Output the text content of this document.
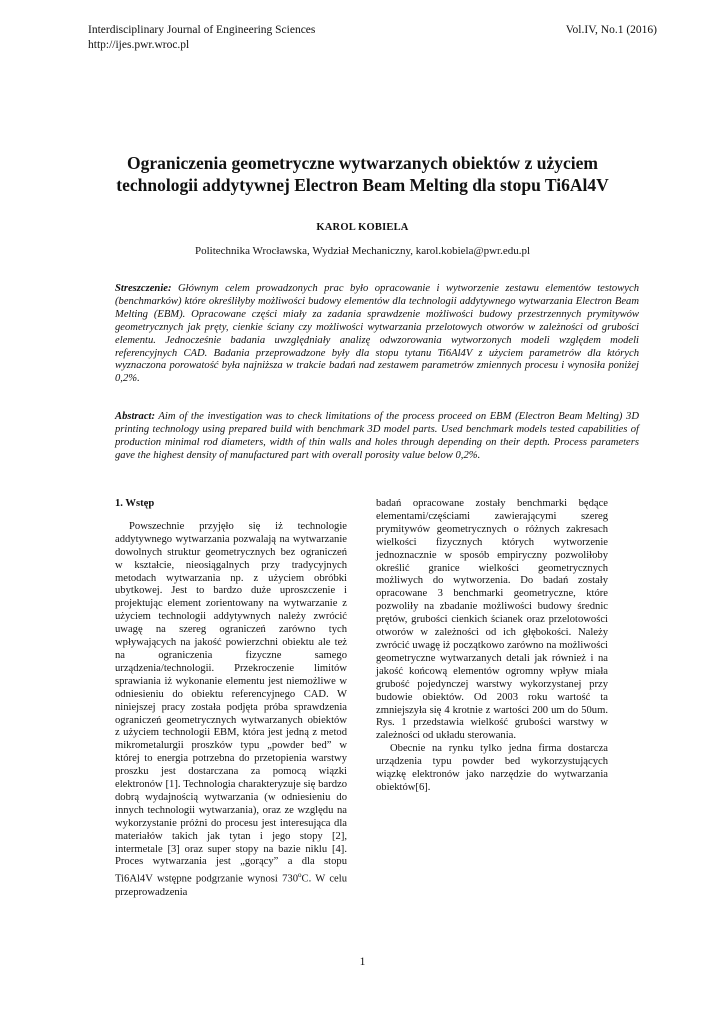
Interdisciplinary Journal of Engineering Sciences
http://ijes.pwr.wroc.pl
Vol.IV, No.1 (2016)
Ograniczenia geometryczne wytwarzanych obiektów z użyciem
technologii addytywnej Electron Beam Melting dla stopu Ti6Al4V
KAROL KOBIELA
Politechnika Wrocławska, Wydział Mechaniczny, karol.kobiela@pwr.edu.pl
Streszczenie: Głównym celem prowadzonych prac było opracowanie i wytworzenie zestawu elementów testowych (benchmarków) które określiłyby możliwości budowy elementów dla technologii addytywnego wytwarzania Electron Beam Melting (EBM). Opracowane części miały za zadania sprawdzenie możliwości budowy przestrzennych prymitywów geometrycznych jak pręty, cienkie ściany czy możliwości wytwarzania przelotowych otworów w zależności od grubości elementu. Jednocześnie badania uwzględniały analizę odwzorowania wytworzonych modeli względem modeli referencyjnych CAD. Badania przeprowadzone były dla stopu tytanu Ti6Al4V z użyciem parametrów dla których wyznaczona porowatość była najniższa w trakcie badań nad zestawem parametrów zmiennych procesu i wynosiła poniżej 0,2%.
Abstract: Aim of the investigation was to check limitations of the process proceed on EBM (Electron Beam Melting) 3D printing technology using prepared build with benchmark 3D model parts. Used benchmark models tested capabilities of production minimal rod diameters, width of thin walls and holes through depending on their depth. Process parameters gave the highest density of manufactured part with overall porosity value below 0,2%.

1. Wstęp

Powszechnie przyjęło się iż technologie addytywnego wytwarzania pozwalają na wytwarzanie dowolnych struktur geometrycznych bez ograniczeń w kształcie, nieosiągalnych przy tradycyjnych metodach wytwarzania np. z użyciem obróbki ubytkowej. Jest to bardzo duże uproszczenie i projektując element zorientowany na wytwarzanie z użyciem technologii addytywnych należy zwrócić uwagę na szereg ograniczeń zarówno tych wpływających na jakość powierzchni obiektu ale też na ograniczenia fizyczne samego urządzenia/technologii. Przekroczenie limitów sprawiania iż wykonanie elementu jest niemożliwe w odniesieniu do obiektu referencyjnego CAD. W niniejszej pracy została podjęta próba sprawdzenia ograniczeń geometrycznych wytwarzanych obiektów z użyciem technologii EBM, która jest jedną z metod mikrometalurgii proszków typu „powder bed” w której to energia potrzebna do przetopienia warstwy proszku jest dostarczana za pomocą wiązki elektronów [1]. Technologia charakteryzuje się bardzo dobrą wydajnością wytwarzania (w odniesieniu do innych technologii wytwarzania), oraz ze względu na wykorzystanie próżni do procesu jest interesująca dla materiałów takich jak tytan i jego stopy [2], intermetale [3] oraz super stopy na bazie niklu [4]. Proces wytwarzania jest „gorący” a dla stopu Ti6Al4V wstępne podgrzanie wynosi 730$^o$C. W celu przeprowadzenia

badań opracowane zostały benchmarki będące elementami/częściami zawierającymi szereg prymitywów geometrycznych o różnych zakresach wielkości fizycznych których wytworzenie jednoznacznie w sposób empiryczny pozwoliłoby określić granice wielkości geometrycznych możliwych do wytworzenia. Do badań zostały opracowane 3 benchmarki geometryczne, które pozwoliły na zbadanie możliwości budowy średnic prętów, grubości cienkich ścianek oraz przelotowości otworów w zależności od ich głębokości. Należy zwrócić uwagę iż początkowo zarówno na możliwości geometryczne wytwarzanych detali jak również i na jakość końcową elementów ogromny wpływ miała grubość pojedynczej warstwy wykorzystanej przy budowie obiektów. Od 2003 roku wartość ta zmniejszyła się 4 krotnie z wartości 200 um do 50um. Rys. 1 przedstawia wielkość grubości warstwy w zależności od układu sterowania.

Obecnie na rynku tylko jedna firma dostarcza urządzenia typu powder bed wykorzystujących wiązkę elektronów jako narzędzie do wytwarzania obiektów[6].

1
